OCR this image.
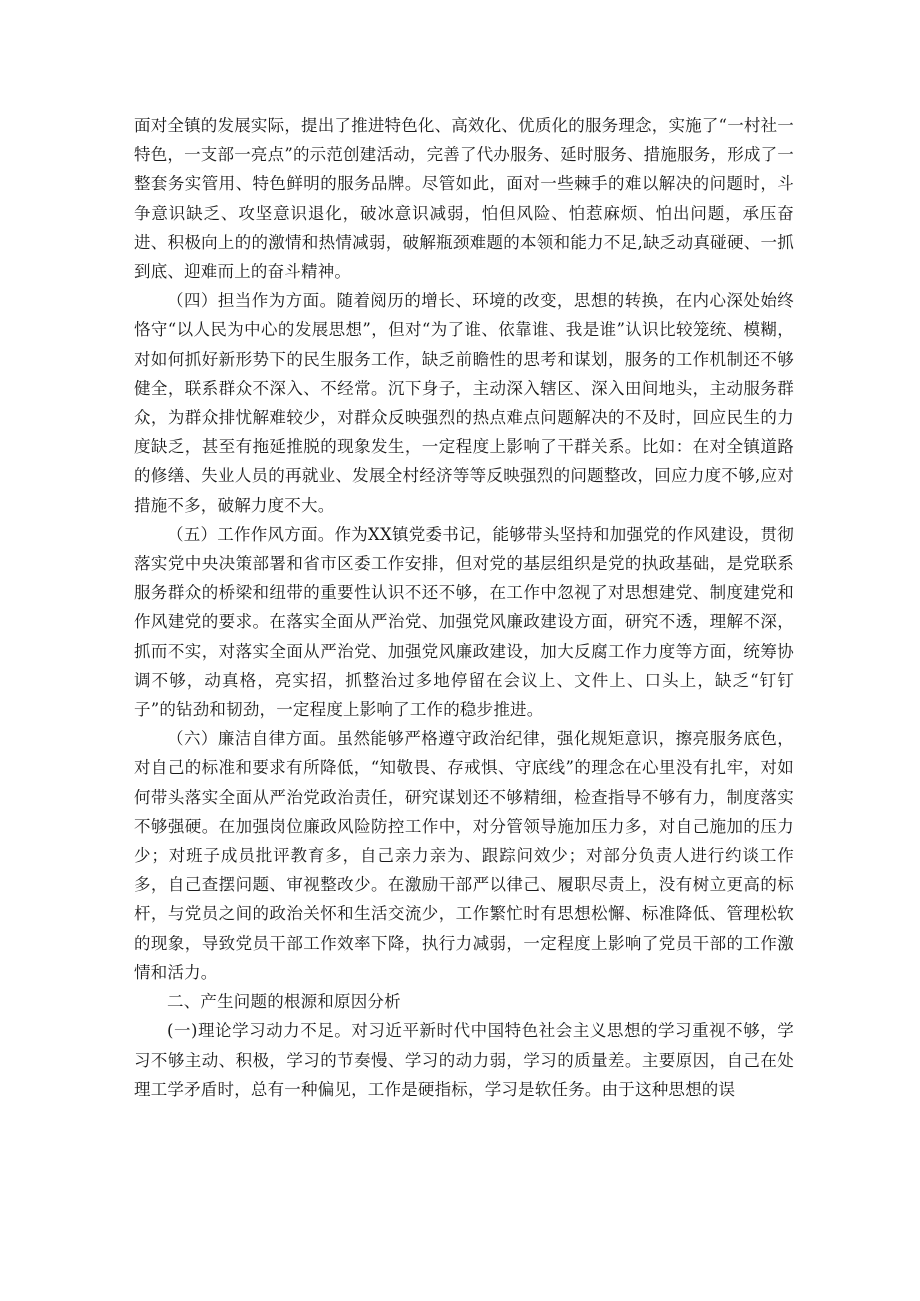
面对全镇的发展实际，提出了推进特色化、高效化、优质化的服务理念，实施了“一村社一特色，一支部一亮点”的示范创建活动，完善了代办服务、延时服务、措施服务，形成了一整套务实管用、特色鲜明的服务品牌。尽管如此，面对一些棘手的难以解决的问题时，斗争意识缺乏、攻坚意识退化，破冰意识减弱，怕但风险、怕惹麻烦、怕出问题，承压奋进、积极向上的的激情和热情减弱，破解瓶颈难题的本领和能力不足,缺乏动真碰硬、一抓到底、迎难而上的奋斗精神。

（四）担当作为方面。随着阅历的增长、环境的改变，思想的转换，在内心深处始终恪守“以人民为中心的发展思想”，但对“为了谁、依靠谁、我是谁”认识比较笼统、模糊，对如何抓好新形势下的民生服务工作，缺乏前瞻性的思考和谋划，服务的工作机制还不够健全，联系群众不深入、不经常。沉下身子，主动深入辖区、深入田间地头，主动服务群众，为群众排忧解难较少，对群众反映强烈的热点难点问题解决的不及时，回应民生的力度缺乏，甚至有拖延推脱的现象发生，一定程度上影响了干群关系。比如：在对全镇道路的修缮、失业人员的再就业、发展全村经济等等反映强烈的问题整改，回应力度不够,应对措施不多，破解力度不大。

（五）工作作风方面。作为XX镇党委书记，能够带头坚持和加强党的作风建设，贯彻落实党中央决策部署和省市区委工作安排，但对党的基层组织是党的执政基础，是党联系服务群众的桥梁和纽带的重要性认识不还不够，在工作中忽视了对思想建党、制度建党和作风建党的要求。在落实全面从严治党、加强党风廉政建设方面，研究不透，理解不深，抓而不实，对落实全面从严治党、加强党风廉政建设，加大反腐工作力度等方面，统筹协调不够，动真格，亮实招，抓整治过多地停留在会议上、文件上、口头上，缺乏“钉钉子”的钻劲和韧劲，一定程度上影响了工作的稳步推进。

（六）廉洁自律方面。虽然能够严格遵守政治纪律，强化规矩意识，擦亮服务底色，对自己的标准和要求有所降低，“知敬畏、存戒惧、守底线”的理念在心里没有扎牢，对如何带头落实全面从严治党政治责任，研究谋划还不够精细，检查指导不够有力，制度落实不够强硬。在加强岗位廉政风险防控工作中，对分管领导施加压力多，对自己施加的压力少；对班子成员批评教育多，自己亲力亲为、跟踪问效少；对部分负责人进行约谈工作多，自己查摆问题、审视整改少。在激励干部严以律己、履职尽责上，没有树立更高的标杆，与党员之间的政治关怀和生活交流少，工作繁忙时有思想松懈、标准降低、管理松软的现象，导致党员干部工作效率下降，执行力减弱，一定程度上影响了党员干部的工作激情和活力。

二、产生问题的根源和原因分析

(一)理论学习动力不足。对习近平新时代中国特色社会主义思想的学习重视不够，学习不够主动、积极，学习的节奏慢、学习的动力弱，学习的质量差。主要原因，自己在处理工学矛盾时，总有一种偏见，工作是硬指标，学习是软任务。由于这种思想的误
